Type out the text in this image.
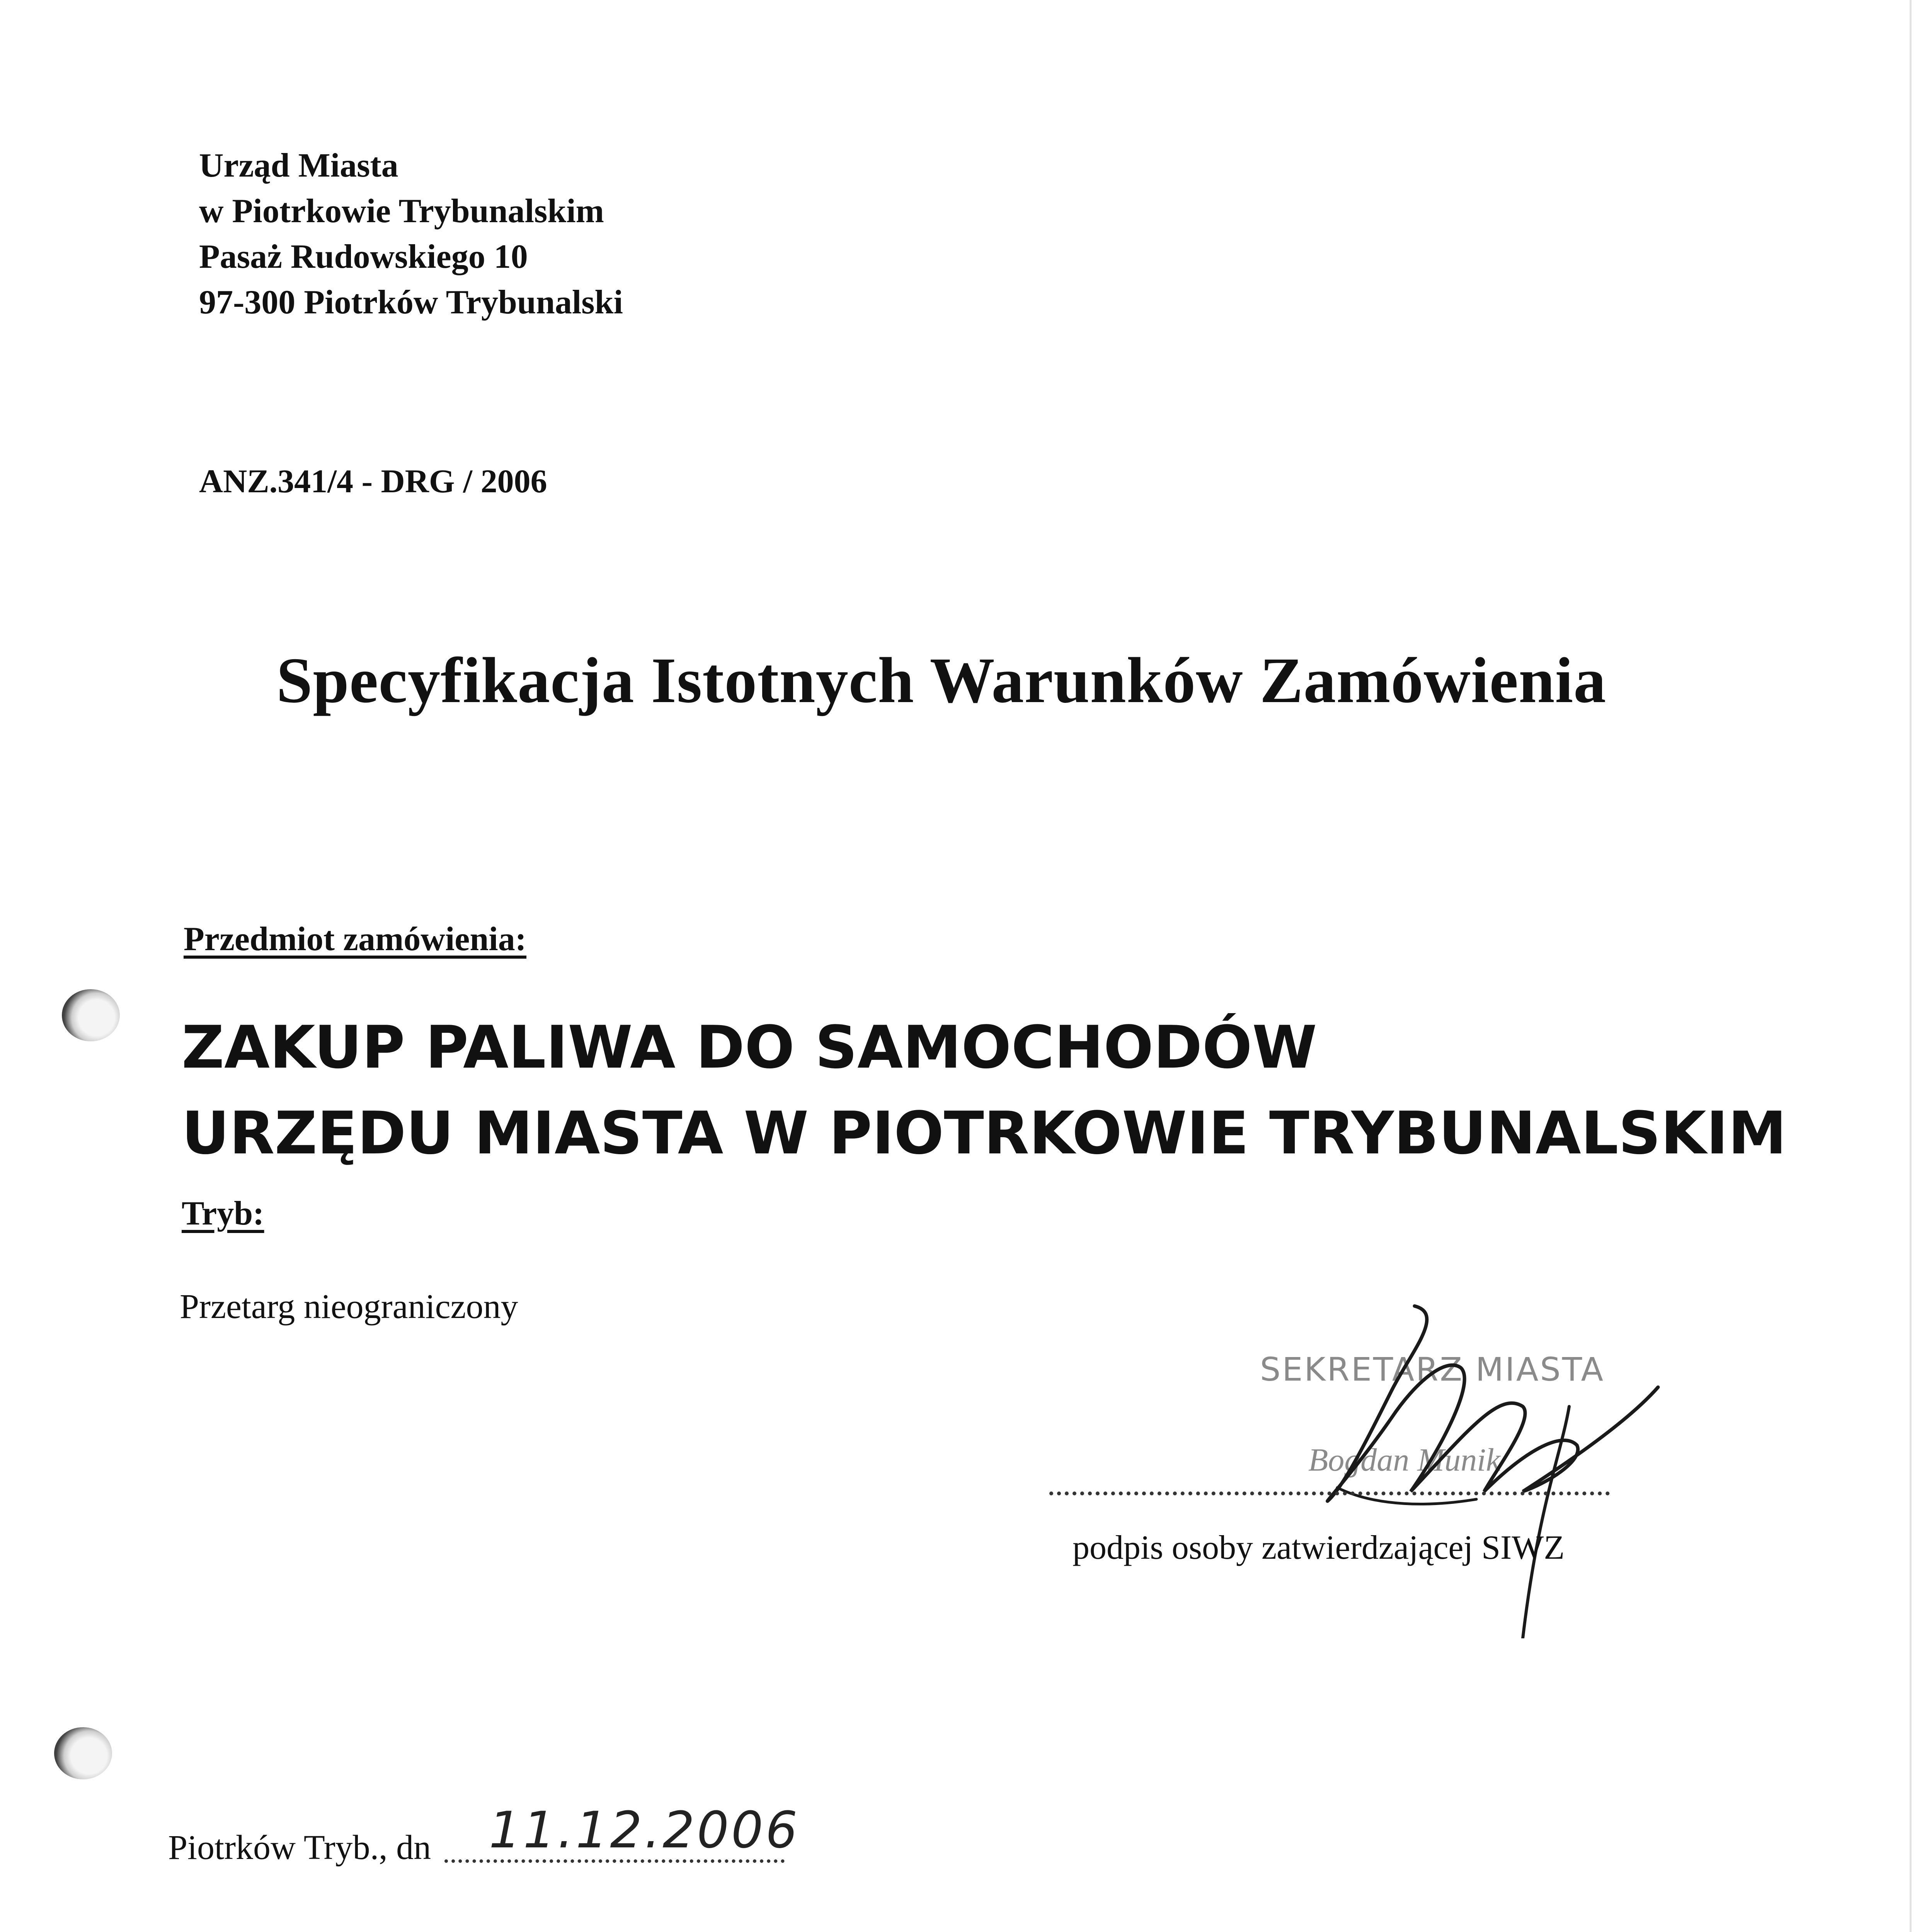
Urząd Miasta
w Piotrkowie Trybunalskim
Pasaż Rudowskiego 10
97-300 Piotrków Trybunalski
ANZ.341/4 - DRG / 2006
Specyfikacja Istotnych Warunków Zamówienia
Przedmiot zamówienia:
ZAKUP PALIWA DO SAMOCHODÓW
URZĘDU MIASTA W PIOTRKOWIE TRYBUNALSKIM
Tryb:
Przetarg nieograniczony
SEKRETARZ MIASTA
Bogdan Munik
podpis osoby zatwierdzającej SIWZ
Piotrków Tryb., dn 11.12.2006
